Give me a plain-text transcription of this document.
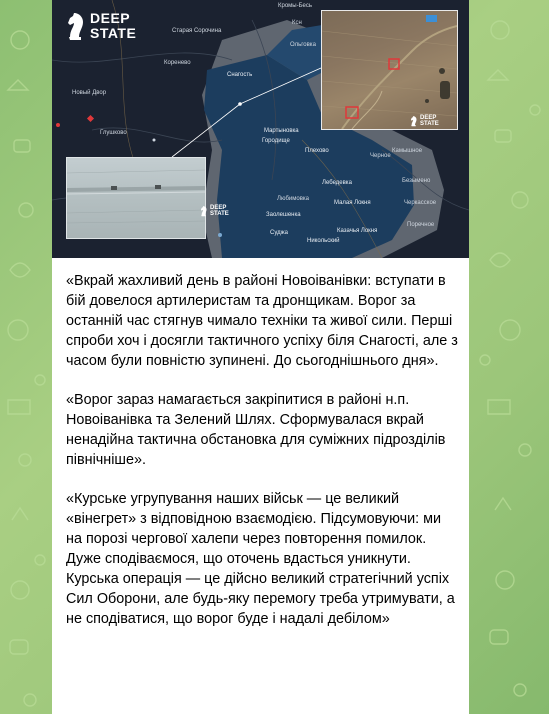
DEEP
STATE
Кромы-Бесь
Коренево
Ольговка
Снагость
Старая Сорочина
Новый Двор
Глушково
Ксн
Мартыновка
Городище
Плехово
Лебедевка
Малая Локня
Казачья Локня
Заолешенка
Никольский
Черное
Камышное
Безымено
Черкасское
Поречное
Любимовка
Суджа
DEEP
STATE
DEEP
STATE

«Вкрай жахливий день в районі Новоіванівки: вступати в бій довелося артилеристам та дронщикам. Ворог за останній час стягнув чимало техніки та живої сили. Перші спроби хоч і досягли тактичного успіху біля Снагості, але з часом були повністю зупинені. До сьогоднішнього дня».

«Ворог зараз намагається закріпитися в районі н.п. Новоіванівка та Зелений Шлях. Сформувалася вкрай ненадійна тактична обстановка для суміжних підрозділів північніше».

«Курське угрупування наших військ — це великий «вінегрет» з відповідною взаємодією. Підсумовуючи: ми на порозі чергової халепи через повторення помилок. Дуже сподіваємося, що оточень вдасться уникнути. Курська операція — це дійсно великий стратегічний успіх Сил Оборони, але будь-яку перемогу треба утримувати, а не сподіватися, що ворог буде і надалі дебілом»
